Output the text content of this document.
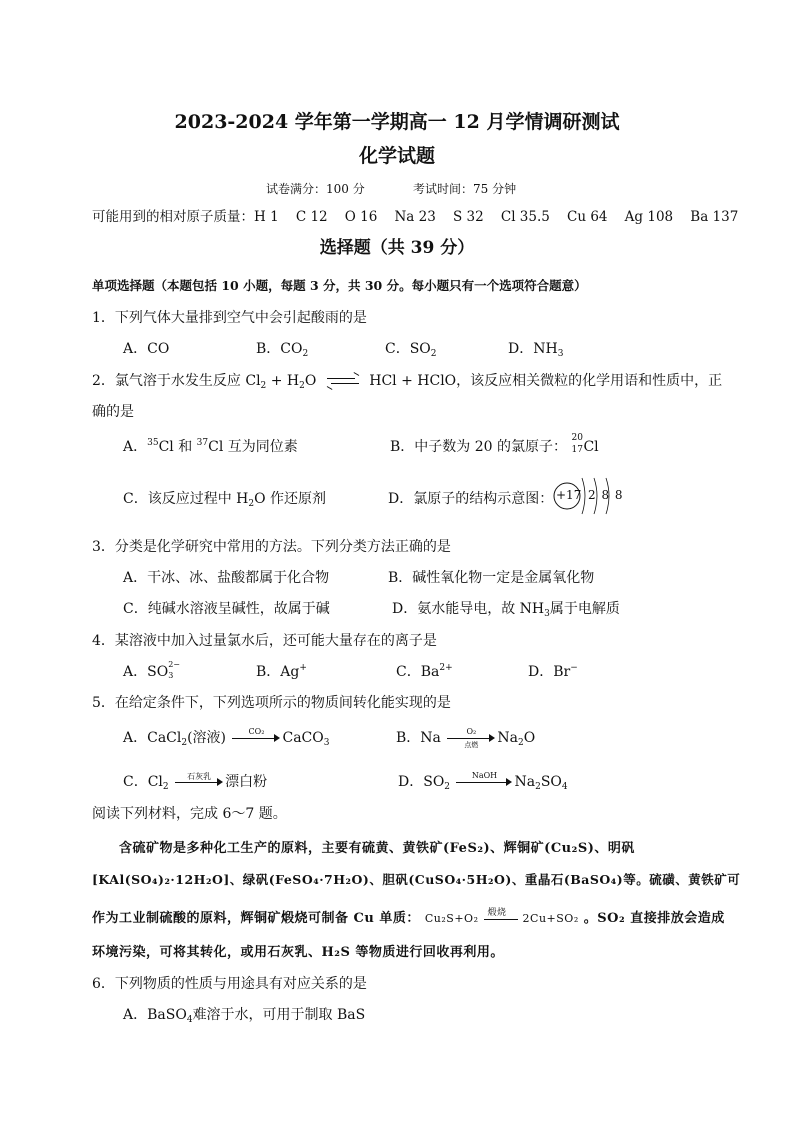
2023-2024 学年第一学期高一 12 月学情调研测试
化学试题
试卷满分：100 分	考试时间：75 分钟
可能用到的相对原子质量：H 1    C 12    O 16    Na 23    S 32    Cl 35.5    Cu 64    Ag 108    Ba 137
选择题（共 39 分）
单项选择题（本题包括 10 小题，每题 3 分，共 30 分。每小题只有一个选项符合题意）
1．下列气体大量排到空气中会引起酸雨的是
A．CO	B．$CO_2$	C．$SO_2$	D．$NH_3$
2．氯气溶于水发生反应 $Cl_2 + H_2O$ ⇌ HCl + HClO，该反应相关微粒的化学用语和性质中，正
确的是
A．$^{35}$Cl 和 $^{37}$Cl 互为同位素	B．中子数为 20 的氯原子：
20
17 Cl
C．该反应过程中 $H_2O$ 作还原剂	D．氯原子的结构示意图： +17 2 8 8
3．分类是化学研究中常用的方法。下列分类方法正确的是
A．干冰、冰、盐酸都属于化合物	B．碱性氧化物一定是金属氧化物
C．纯碱水溶液呈碱性，故属于碱	D．氨水能导电，故 $NH_3$属于电解质
4．某溶液中加入过量氯水后，还可能大量存在的离子是
A．SO 2−
3	B．Ag+	C．$Ba^{2+}$	D．Br−
5．在给定条件下，下列选项所示的物质间转化能实现的是
A．CaCl$_2$(溶液)	CO₂	CaCO$_3$	B．Na	O₂
点燃	$Na_2O$
C．$Cl_2$
石灰乳	漂白粉	D．$SO_2$
NaOH	$Na_2SO_4$
阅读下列材料，完成 6～7 题。
含硫矿物是多种化工生产的原料，主要有硫黄、黄铁矿(FeS₂)、辉铜矿(Cu₂S)、明矾
[KAl(SO₄)₂·12H₂O]、绿矾(FeSO₄·7H₂O)、胆矾(CuSO₄·5H₂O)、重晶石(BaSO₄)等。硫磺、黄铁矿可
作为工业制硫酸的原料，辉铜矿煅烧可制备 Cu 单质： Cu₂S+O₂ 煅烧 2Cu+SO₂ 。SO₂ 直接排放会造成
环境污染，可将其转化，或用石灰乳、H₂S 等物质进行回收再利用。
6．下列物质的性质与用途具有对应关系的是
A．BaSO$_4$难溶于水，可用于制取 BaS
